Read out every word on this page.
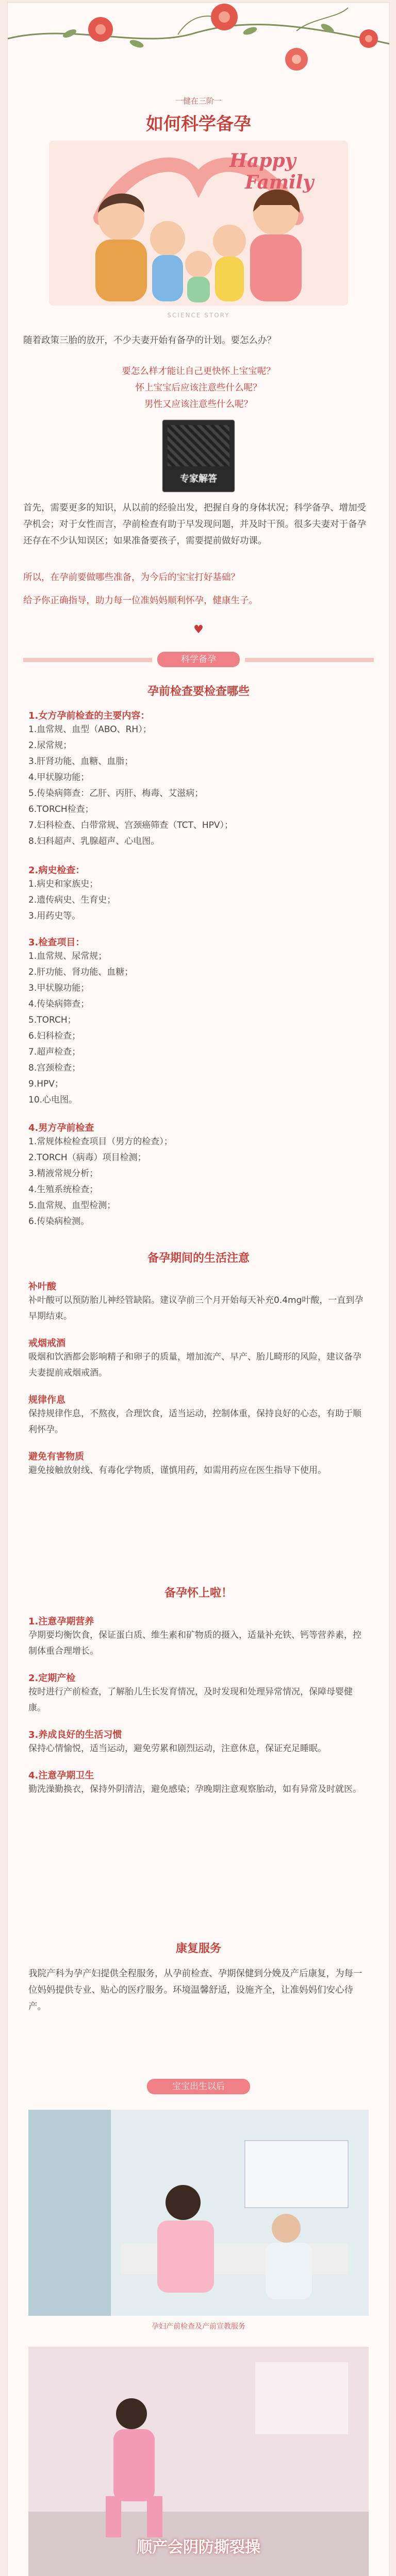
一健在三阶一
如何科学备孕
Happy
Family
SCIENCE STORY
随着政策三胎的放开，不少夫妻开始有备孕的计划。要怎么办？
要怎么样才能让自己更快怀上宝宝呢？
怀上宝宝后应该注意些什么呢？
男性又应该注意些什么呢？
专家解答
首先，需要更多的知识，从以前的经验出发，把握自身的身体状况；科学备孕、增加受孕机会；对于女性而言，孕前检查有助于早发现问题，并及时干预。很多夫妻对于备孕还存在不少认知误区；如果准备要孩子，需要提前做好功课。
所以，在孕前要做哪些准备，为今后的宝宝打好基础？
给予你正确指导，助力每一位准妈妈顺利怀孕，健康生子。
♥
科学备孕
孕前检查要检查哪些
1.女方孕前检查的主要内容：
1.血常规、血型（ABO、RH）；
2.尿常规；
3.肝肾功能、血糖、血脂；
4.甲状腺功能；
5.传染病筛查：乙肝、丙肝、梅毒、艾滋病；
6.TORCH检查；
7.妇科检查、白带常规、宫颈癌筛查（TCT、HPV）；
8.妇科超声、乳腺超声、心电图。
2.病史检查：
1.病史和家族史；
2.遗传病史、生育史；
3.用药史等。
3.检查项目：
1.血常规、尿常规；
2.肝功能、肾功能、血糖；
3.甲状腺功能；
4.传染病筛查；
5.TORCH；
6.妇科检查；
7.超声检查；
8.宫颈检查；
9.HPV；
10.心电图。
4.男方孕前检查
1.常规体检检查项目（男方的检查）；
2.TORCH（病毒）项目检测；
3.精液常规分析；
4.生殖系统检查；
5.血常规、血型检测；
6.传染病检测。
备孕期间的生活注意
补叶酸
补叶酸可以预防胎儿神经管缺陷。建议孕前三个月开始每天补充0.4mg叶酸，一直到孕早期结束。
戒烟戒酒
吸烟和饮酒都会影响精子和卵子的质量，增加流产、早产、胎儿畸形的风险，建议备孕夫妻提前戒烟戒酒。
规律作息
保持规律作息，不熬夜，合理饮食，适当运动，控制体重，保持良好的心态，有助于顺利怀孕。
避免有害物质
避免接触放射线、有毒化学物质，谨慎用药，如需用药应在医生指导下使用。
备孕怀上啦！
1.注意孕期营养
孕期要均衡饮食，保证蛋白质、维生素和矿物质的摄入，适量补充铁、钙等营养素，控制体重合理增长。
2.定期产检
按时进行产前检查，了解胎儿生长发育情况，及时发现和处理异常情况，保障母婴健康。
3.养成良好的生活习惯
保持心情愉悦，适当运动，避免劳累和剧烈运动，注意休息，保证充足睡眠。
4.注意孕期卫生
勤洗澡勤换衣，保持外阴清洁，避免感染；孕晚期注意观察胎动，如有异常及时就医。
康复服务
我院产科为孕产妇提供全程服务，从孕前检查、孕期保健到分娩及产后康复，为每一位妈妈提供专业、贴心的医疗服务。环境温馨舒适，设施齐全，让准妈妈们安心待产。
宝宝出生以后
孕妇产前检查及产前宣教服务
顺产会阴防撕裂操
